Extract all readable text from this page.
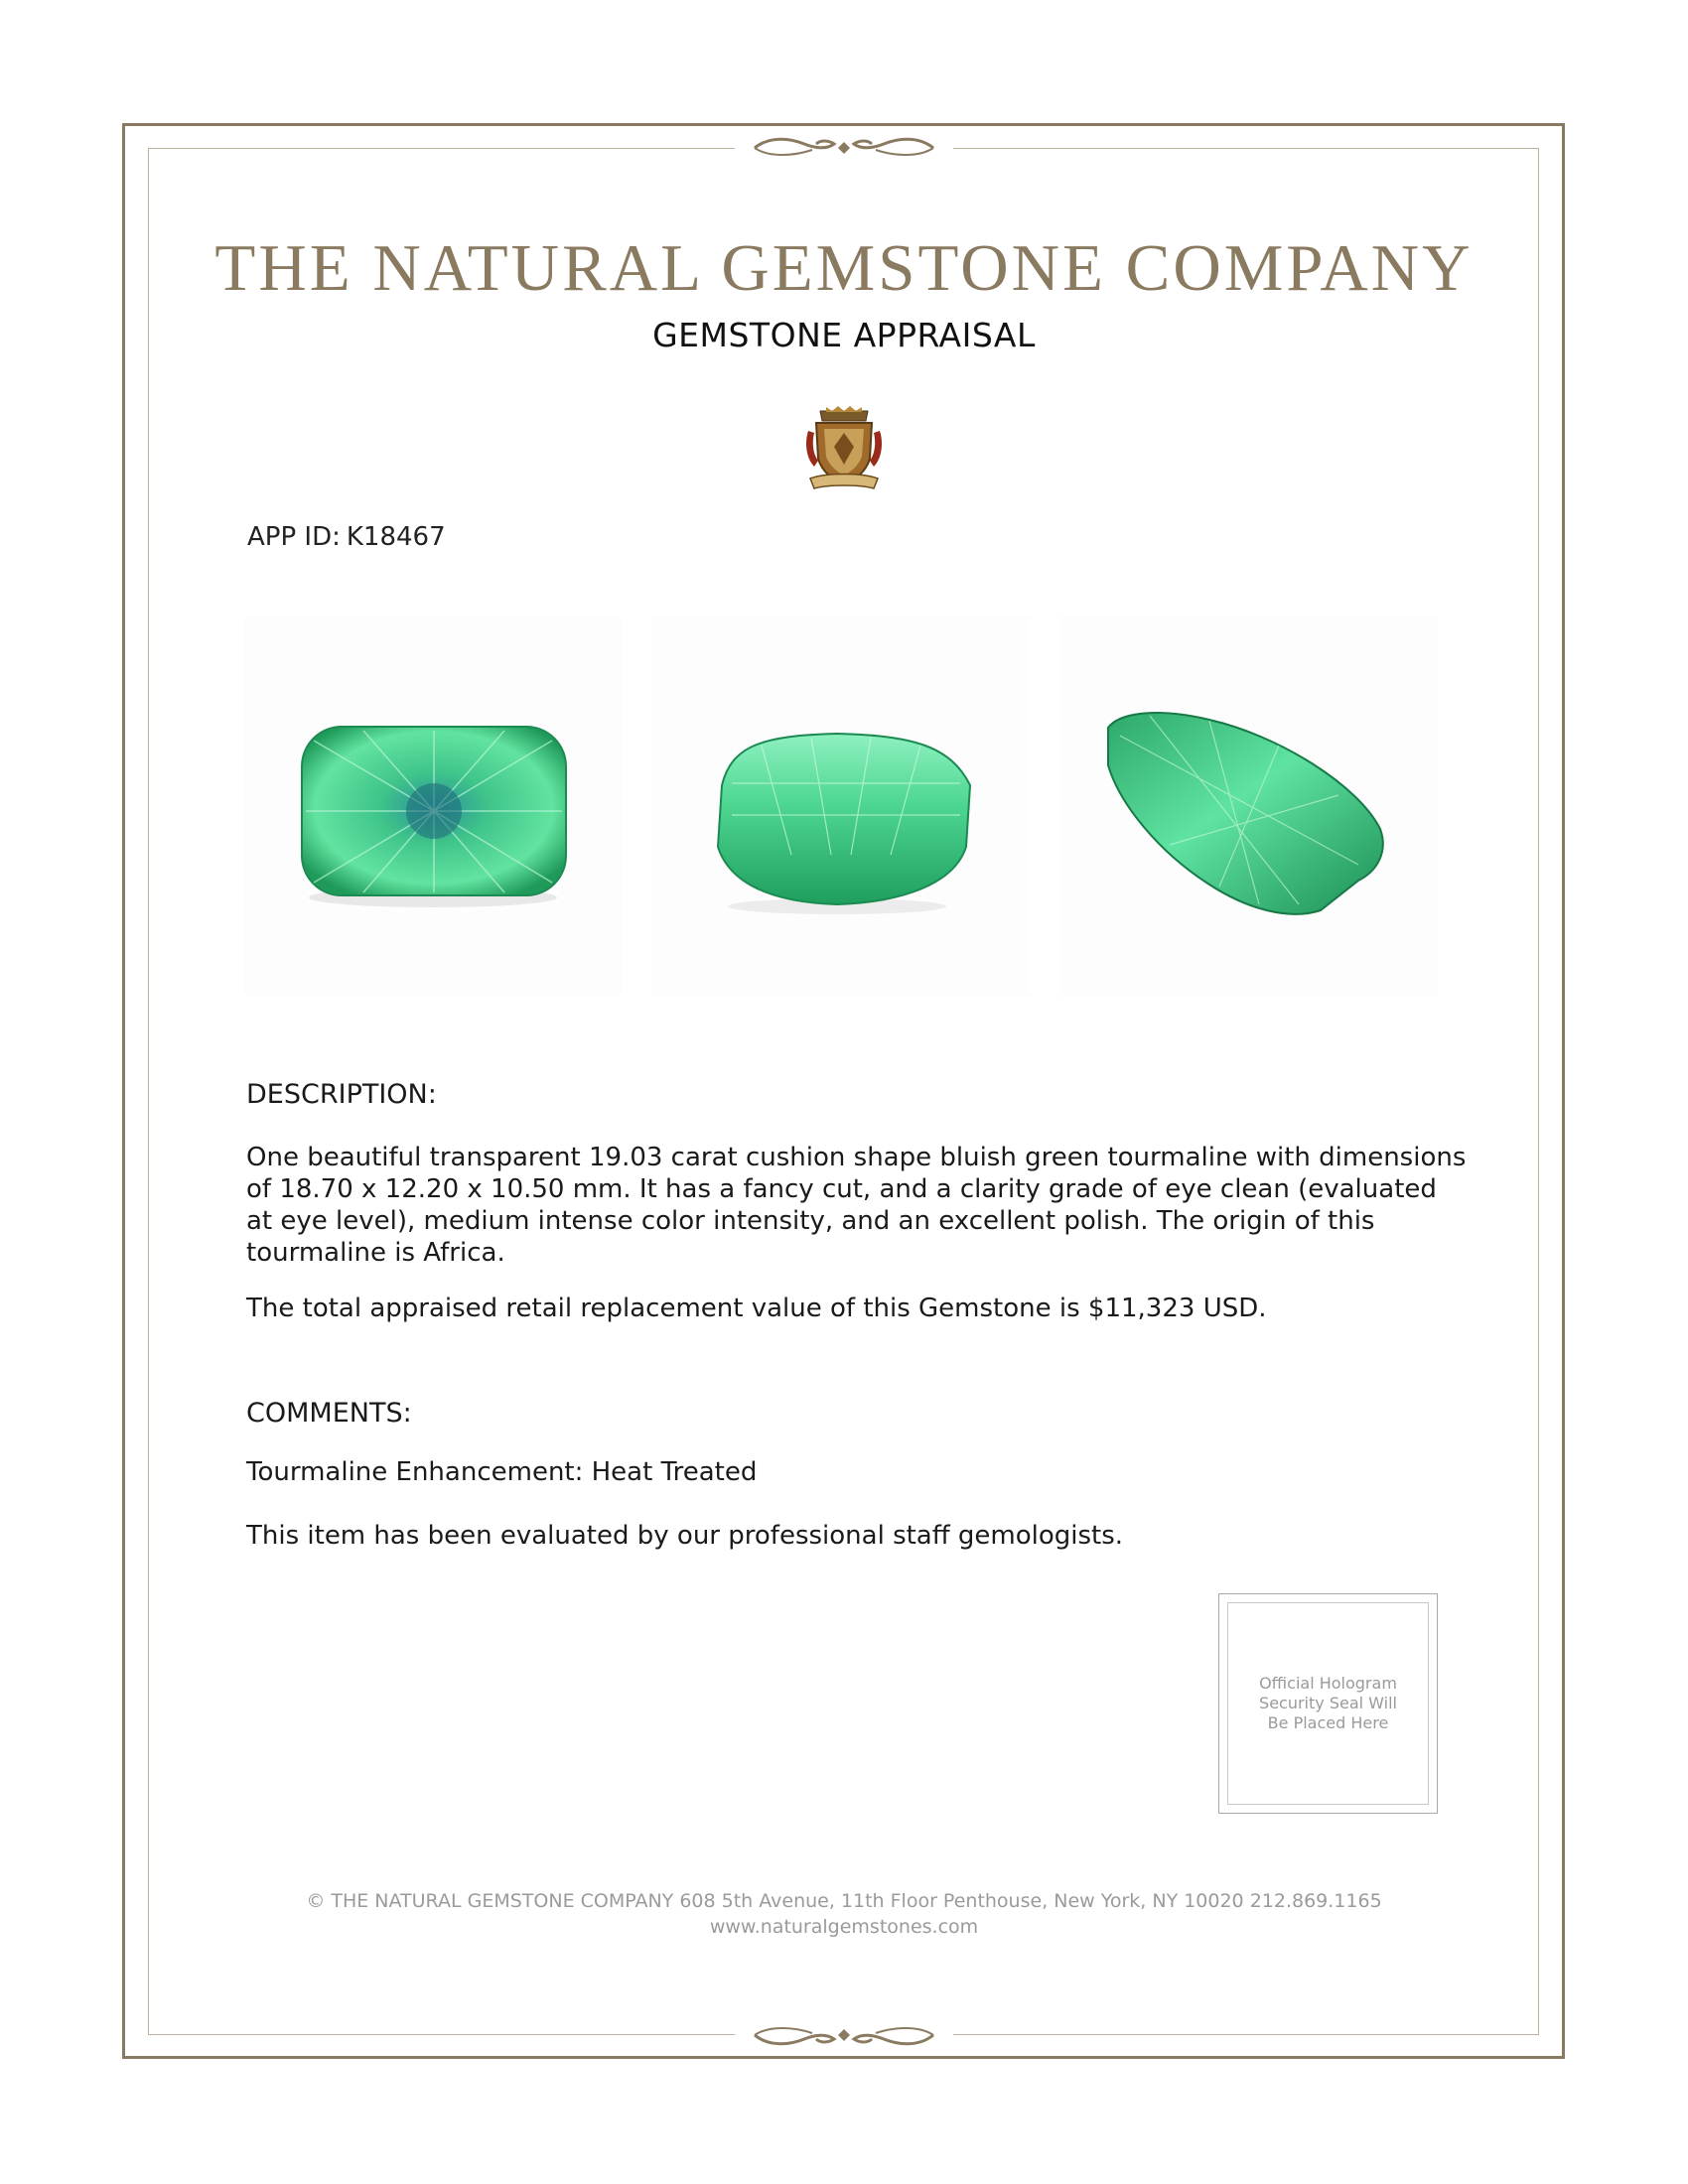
THE NATURAL GEMSTONE COMPANY
GEMSTONE APPRAISAL
APP ID: K18467
DESCRIPTION:
One beautiful transparent 19.03 carat cushion shape bluish green tourmaline with dimensions of 18.70 x 12.20 x 10.50 mm. It has a fancy cut, and a clarity grade of eye clean (evaluated at eye level), medium intense color intensity, and an excellent polish. The origin of this tourmaline is Africa.
The total appraised retail replacement value of this Gemstone is $11,323 USD.
COMMENTS:
Tourmaline Enhancement: Heat Treated
This item has been evaluated by our professional staff gemologists.
Official Hologram Security Seal Will Be Placed Here
© THE NATURAL GEMSTONE COMPANY 608 5th Avenue, 11th Floor Penthouse, New York, NY 10020 212.869.1165
www.naturalgemstones.com
